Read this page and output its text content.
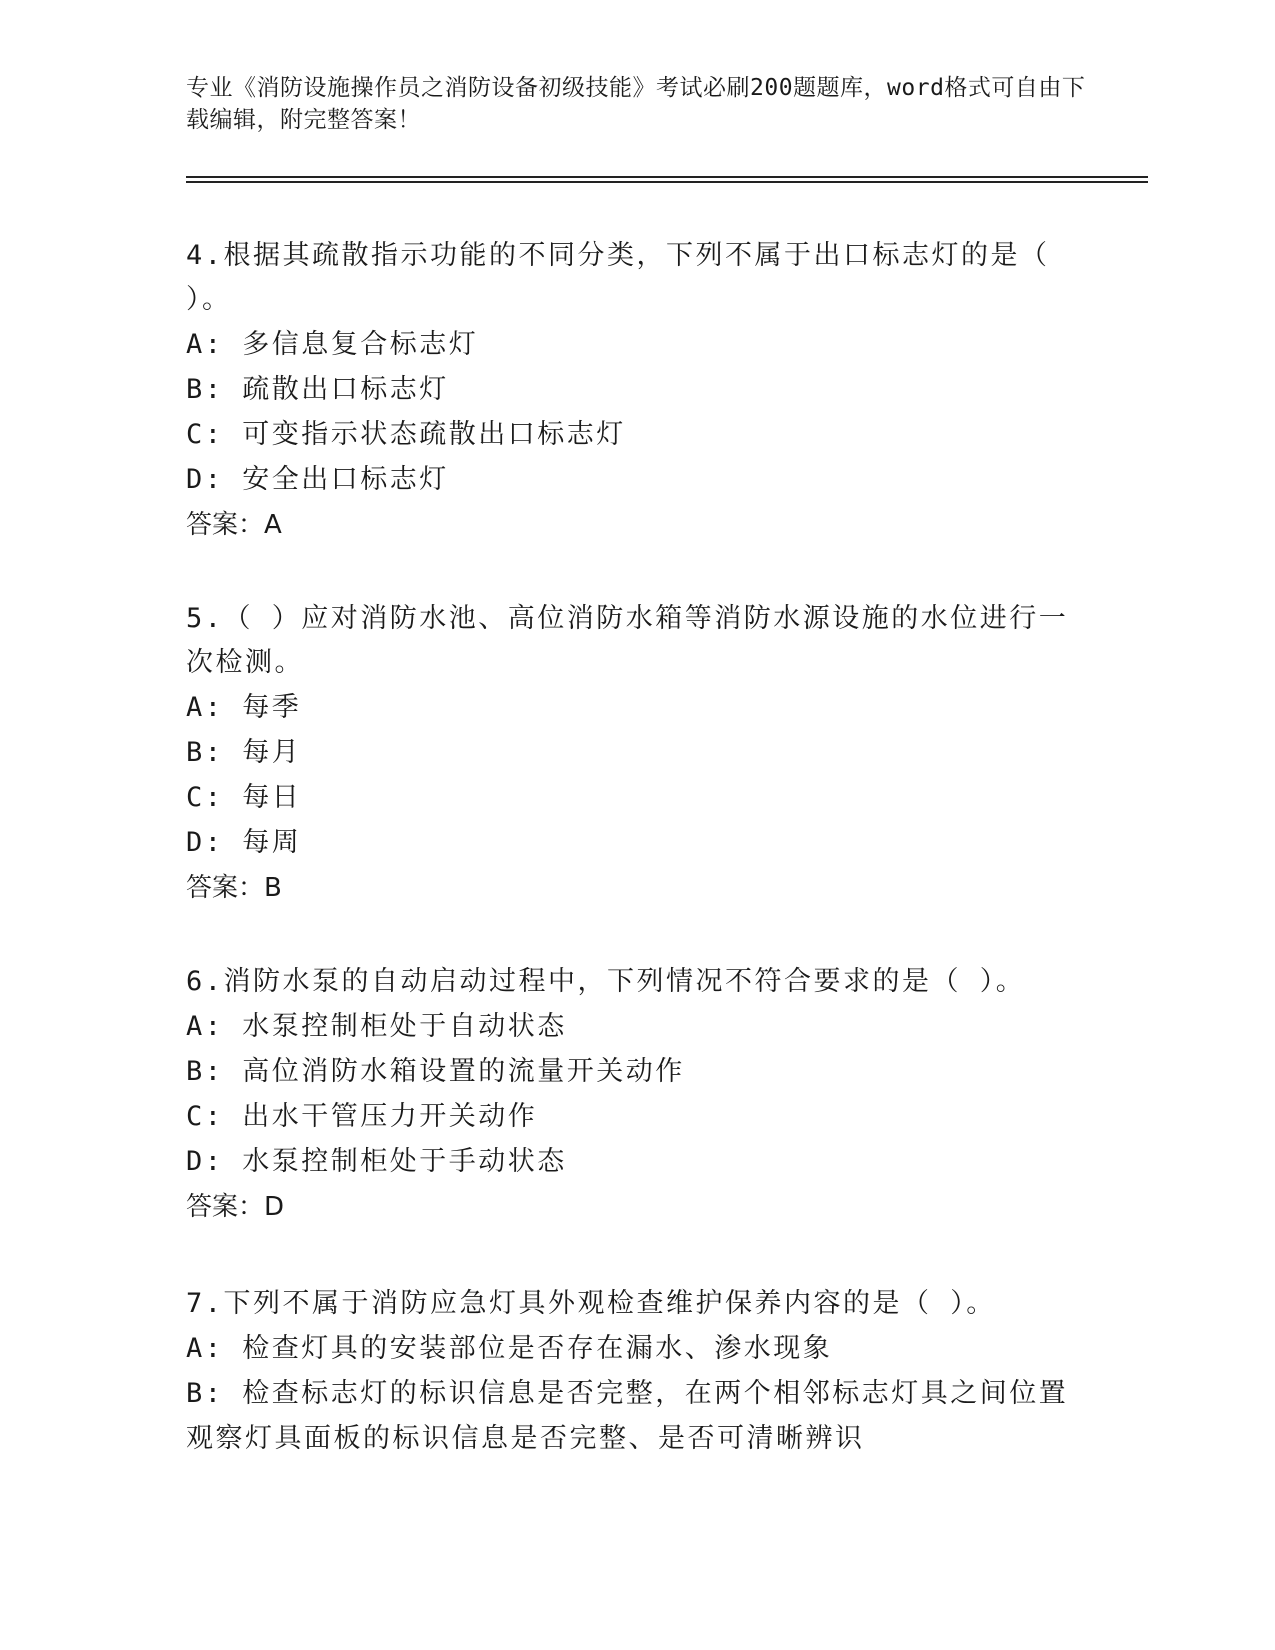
专业《消防设施操作员之消防设备初级技能》考试必刷200题题库，word格式可自由下载编辑，附完整答案！

4.根据其疏散指示功能的不同分类，下列不属于出口标志灯的是（ ）。

A: 多信息复合标志灯

B: 疏散出口标志灯

C: 可变指示状态疏散出口标志灯

D: 安全出口标志灯

答案：A

5.（ ）应对消防水池、高位消防水箱等消防水源设施的水位进行一次检测。

A: 每季

B: 每月

C: 每日

D: 每周

答案：B

6.消防水泵的自动启动过程中，下列情况不符合要求的是（ ）。

A: 水泵控制柜处于自动状态

B: 高位消防水箱设置的流量开关动作

C: 出水干管压力开关动作

D: 水泵控制柜处于手动状态

答案：D

7.下列不属于消防应急灯具外观检查维护保养内容的是（ ）。

A: 检查灯具的安装部位是否存在漏水、渗水现象

B: 检查标志灯的标识信息是否完整，在两个相邻标志灯具之间位置观察灯具面板的标识信息是否完整、是否可清晰辨识
